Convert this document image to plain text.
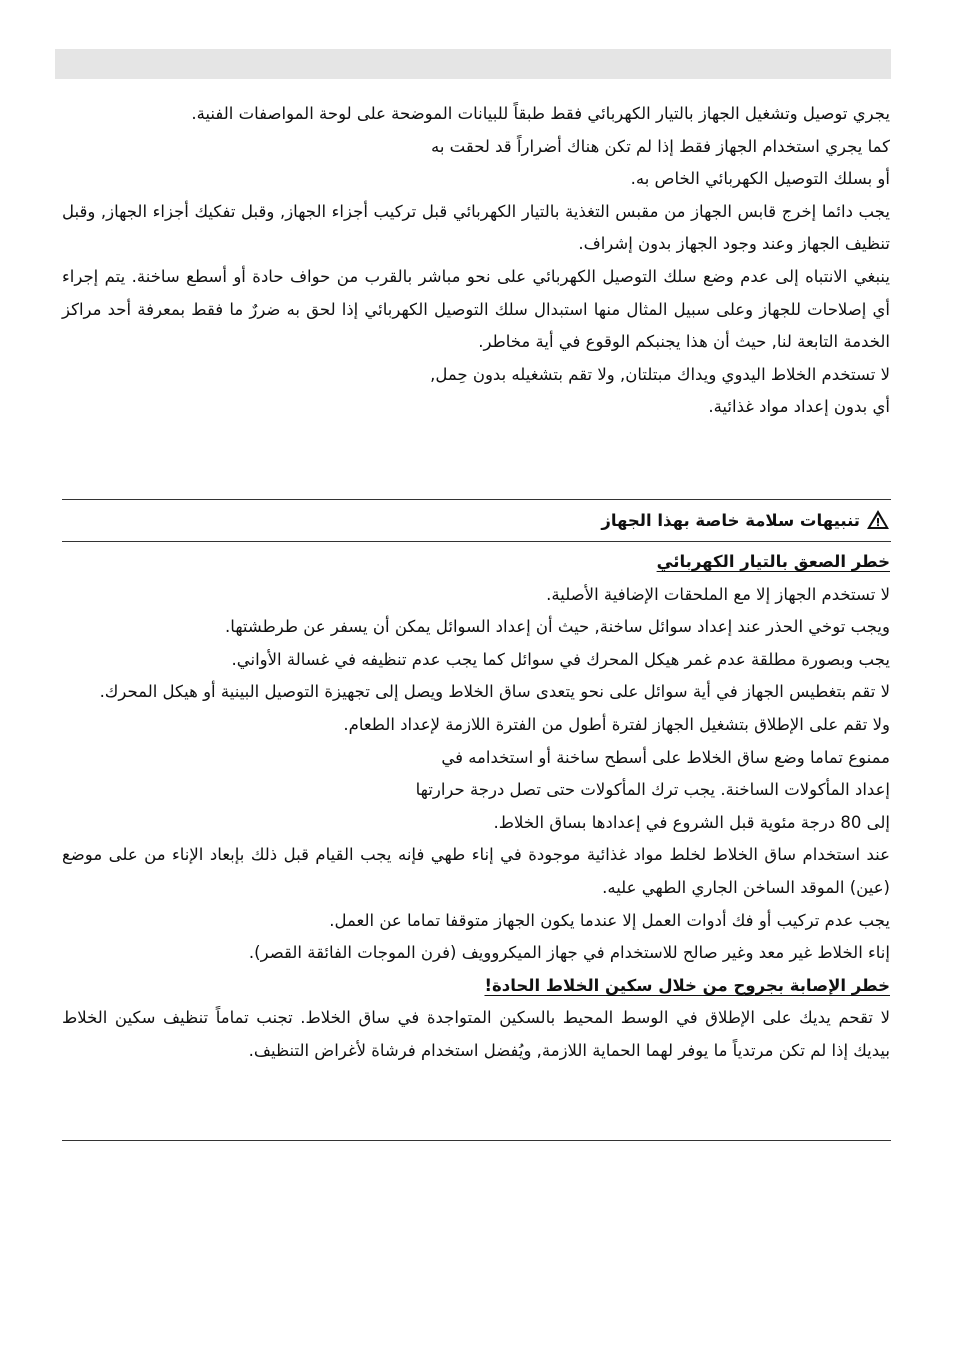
يجري توصيل وتشغيل الجهاز بالتيار الكهربائي فقط طبقاً للبيانات الموضحة على لوحة المواصفات الفنية.

كما يجري استخدام الجهاز فقط إذا لم تكن هناك أضراراً قد لحقت به

أو بسلك التوصيل الكهربائي الخاص به.

يجب دائما إخرج قابس الجهاز من مقبس التغذية بالتيار الكهربائي قبل تركيب أجزاء الجهاز, وقبل تفكيك أجزاء الجهاز, وقبل تنظيف الجهاز وعند وجود الجهاز بدون إشراف.

ينبغي الانتباه إلى عدم وضع سلك التوصيل الكهربائي على نحو مباشر بالقرب من حواف حادة أو أسطع ساخنة. يتم إجراء أي إصلاحات للجهاز وعلى سبيل المثال منها استبدال سلك التوصيل الكهربائي إذا لحق به ضررٌ ما فقط بمعرفة أحد مراكز الخدمة التابعة لنا, حيث أن هذا يجنبكم الوقوع في أية مخاطر.

لا تستخدم الخلاط اليدوي ويداك مبتلتان, ولا تقم بتشغيله بدون حِمل,

أي بدون إعداد مواد غذائية.

تنبيهات سلامة خاصة بهذا الجهاز

خطر الصعق بالتيار الكهربائي

لا تستخدم الجهاز إلا مع الملحقات الإضافية الأصلية.

ويجب توخي الحذر عند إعداد سوائل ساخنة, حيث أن إعداد السوائل يمكن أن يسفر عن طرطشتها.

يجب وبصورة مطلقة عدم غمر هيكل المحرك في سوائل كما يجب عدم تنظيفه في غسالة الأواني.

لا تقم بتغطيس الجهاز في أية سوائل على نحو يتعدى ساق الخلاط ويصل إلى تجهيزة التوصيل البينية أو هيكل المحرك.

ولا تقم على الإطلاق بتشغيل الجهاز لفترة أطول من الفترة اللازمة لإعداد الطعام.

ممنوع تماما وضع ساق الخلاط على أسطح ساخنة أو استخدامه في

إعداد المأكولات الساخنة. يجب ترك المأكولات حتى تصل درجة حرارتها

إلى 80 درجة مئوية قبل الشروع في إعدادها بساق الخلاط.

عند استخدام ساق الخلاط لخلط مواد غذائية موجودة في إناء طهي فإنه يجب القيام قبل ذلك بإبعاد الإناء من على موضع (عين) الموقد الساخن الجاري الطهي عليه.

يجب عدم تركيب أو فك أدوات العمل إلا عندما يكون الجهاز متوقفا تماما عن العمل.

إناء الخلاط غير معد وغير صالح للاستخدام في جهاز الميكروويف (فرن الموجات الفائقة القصر).

خطر الإصابة بجروح من خلال سكين الخلاط الحادة!

لا تقحم يديك على الإطلاق في الوسط المحيط بالسكين المتواجدة في ساق الخلاط. تجنب تماماً تنظيف سكين الخلاط بيديك إذا لم تكن مرتدياً ما يوفر لهما الحماية اللازمة, ويُفضل استخدام فرشاة لأغراض التنظيف.
